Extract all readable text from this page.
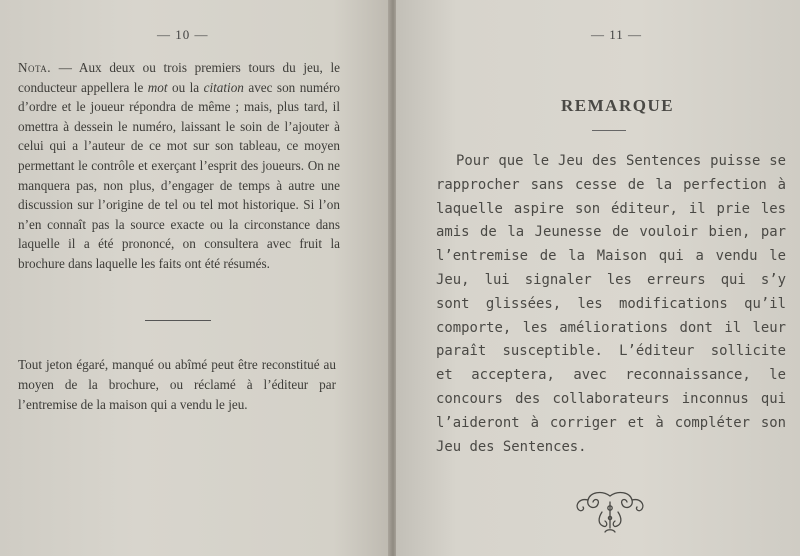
— 10 —

Nota. — Aux deux ou trois premiers tours du jeu, le conducteur appellera le mot ou la citation avec son numéro d’ordre et le joueur répondra de même ; mais, plus tard, il omettra à dessein le numéro, laissant le soin de l’ajouter à celui qui a l’auteur de ce mot sur son tableau, ce moyen permettant le contrôle et exerçant l’esprit des joueurs. On ne manquera pas, non plus, d’engager de temps à autre une discussion sur l’origine de tel ou tel mot historique. Si l’on n’en connaît pas la source exacte ou la circonstance dans laquelle il a été prononcé, on consultera avec fruit la brochure dans laquelle les faits ont été résumés.

Tout jeton égaré, manqué ou abîmé peut être reconstitué au moyen de la brochure, ou réclamé à l’éditeur par l’entremise de la maison qui a vendu le jeu.

— 11 —
REMARQUE

Pour que le Jeu des Sentences puisse se rapprocher sans cesse de la perfection à laquelle aspire son éditeur, il prie les amis de la Jeunesse de vouloir bien, par l’entremise de la Maison qui a vendu le Jeu, lui signaler les erreurs qui s’y sont glissées, les modifications qu’il comporte, les améliorations dont il leur paraît susceptible. L’éditeur sollicite et acceptera, avec reconnaissance, le concours des collaborateurs inconnus qui l’aideront à corriger et à compléter son Jeu des Sentences.
